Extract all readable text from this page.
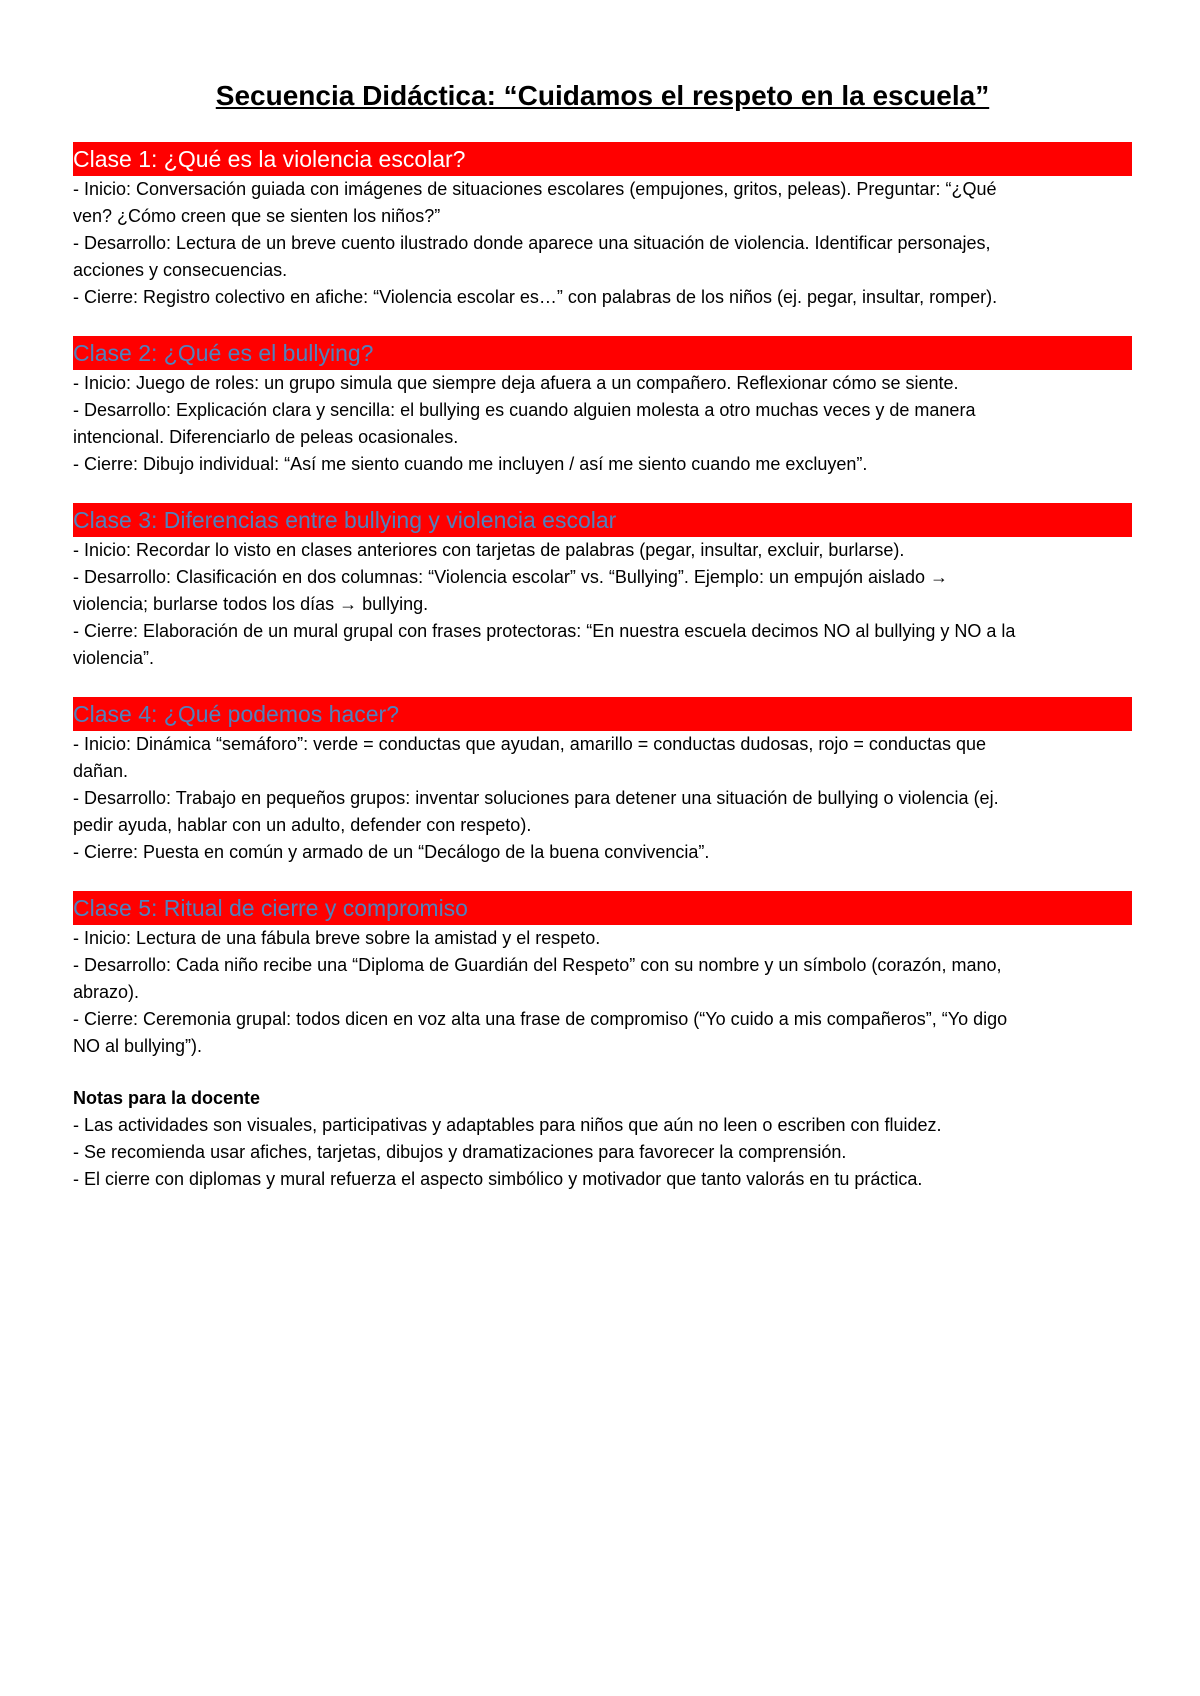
Secuencia Didáctica: “Cuidamos el respeto en la escuela”
Clase 1: ¿Qué es la violencia escolar?

- Inicio: Conversación guiada con imágenes de situaciones escolares (empujones, gritos, peleas). Preguntar: “¿Qué

ven? ¿Cómo creen que se sienten los niños?”

- Desarrollo: Lectura de un breve cuento ilustrado donde aparece una situación de violencia. Identificar personajes,

acciones y consecuencias.

- Cierre: Registro colectivo en afiche: “Violencia escolar es…” con palabras de los niños (ej. pegar, insultar, romper).

Clase 2: ¿Qué es el bullying?

- Inicio: Juego de roles: un grupo simula que siempre deja afuera a un compañero. Reflexionar cómo se siente.

- Desarrollo: Explicación clara y sencilla: el bullying es cuando alguien molesta a otro muchas veces y de manera

intencional. Diferenciarlo de peleas ocasionales.

- Cierre: Dibujo individual: “Así me siento cuando me incluyen / así me siento cuando me excluyen”.

Clase 3: Diferencias entre bullying y violencia escolar

- Inicio: Recordar lo visto en clases anteriores con tarjetas de palabras (pegar, insultar, excluir, burlarse).

- Desarrollo: Clasificación en dos columnas: “Violencia escolar” vs. “Bullying”. Ejemplo: un empujón aislado →

violencia; burlarse todos los días → bullying.

- Cierre: Elaboración de un mural grupal con frases protectoras: “En nuestra escuela decimos NO al bullying y NO a la

violencia”.

Clase 4: ¿Qué podemos hacer?

- Inicio: Dinámica “semáforo”: verde = conductas que ayudan, amarillo = conductas dudosas, rojo = conductas que

dañan.

- Desarrollo: Trabajo en pequeños grupos: inventar soluciones para detener una situación de bullying o violencia (ej.

pedir ayuda, hablar con un adulto, defender con respeto).

- Cierre: Puesta en común y armado de un “Decálogo de la buena convivencia”.

Clase 5: Ritual de cierre y compromiso

- Inicio: Lectura de una fábula breve sobre la amistad y el respeto.

- Desarrollo: Cada niño recibe una “Diploma de Guardián del Respeto” con su nombre y un símbolo (corazón, mano,

abrazo).

- Cierre: Ceremonia grupal: todos dicen en voz alta una frase de compromiso (“Yo cuido a mis compañeros”, “Yo digo

NO al bullying”).

Notas para la docente

- Las actividades son visuales, participativas y adaptables para niños que aún no leen o escriben con fluidez.

- Se recomienda usar afiches, tarjetas, dibujos y dramatizaciones para favorecer la comprensión.

- El cierre con diplomas y mural refuerza el aspecto simbólico y motivador que tanto valorás en tu práctica.
